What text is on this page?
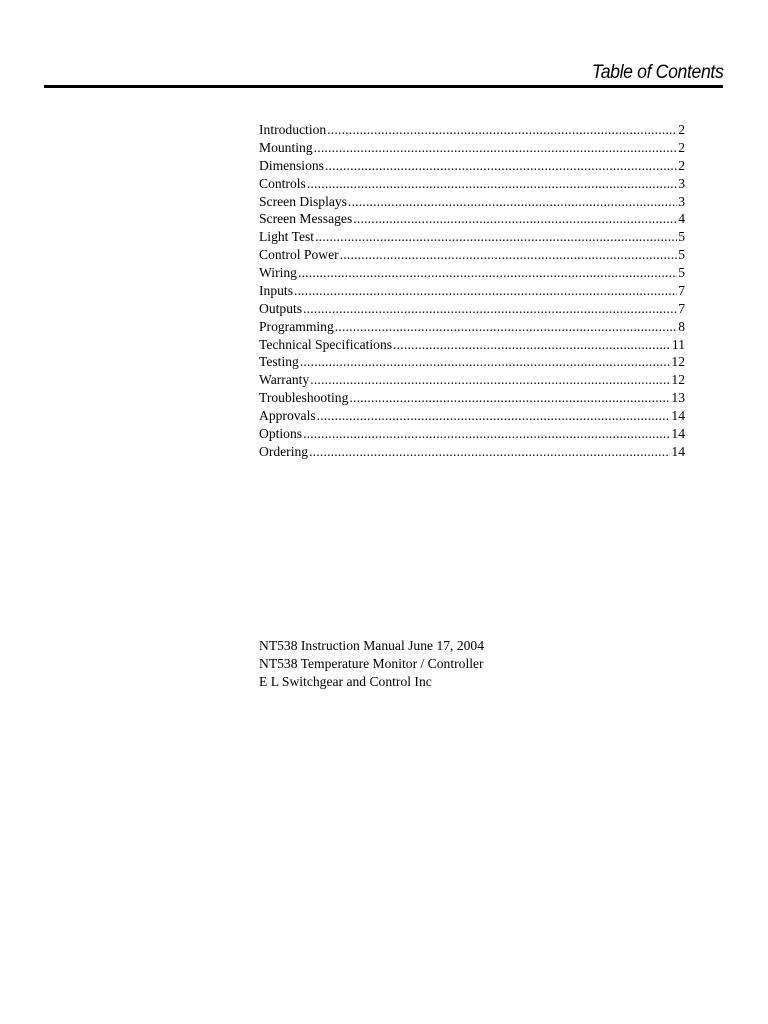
Table of Contents
Introduction .....	2
Mounting .....	2
Dimensions .....	2
Controls .....	3
Screen Displays .....	3
Screen Messages .....	4
Light Test .....	5
Control Power .....	5
Wiring .....	5
Inputs .....	7
Outputs .....	7
Programming .....	8
Technical Specifications .....	11
Testing .....	12
Warranty .....	12
Troubleshooting .....	13
Approvals .....	14
Options .....	14
Ordering .....	14
NT538 Instruction Manual June 17, 2004
NT538 Temperature Monitor / Controller
E L Switchgear and Control Inc
